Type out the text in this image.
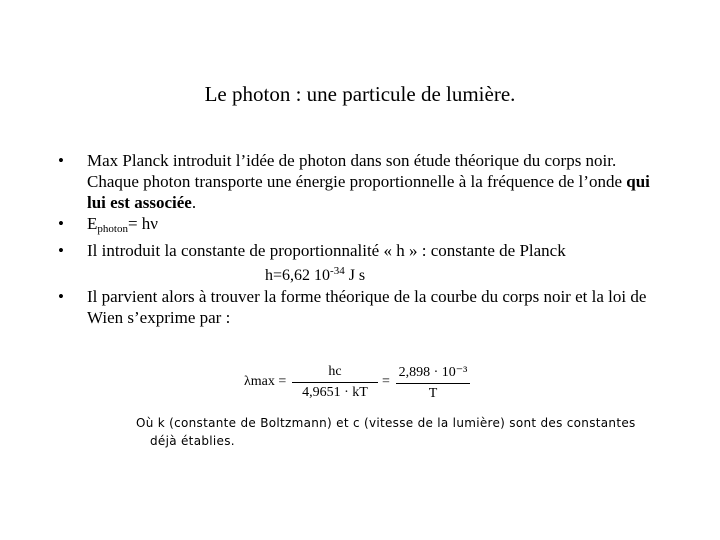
Le photon : une particule de lumière.
• Max Planck introduit l’idée de photon dans son étude théorique du corps noir. Chaque photon transporte une énergie proportionnelle à la fréquence de l’onde qui lui est associée.
• $E_{photon}= h\nu$
• Il introduit la constante de proportionnalité « h » : constante de Planck
h=6,62 $10^{-34}$ J s
• Il parvient alors à trouver la forme théorique de la courbe du corps noir et la loi de Wien s’exprime par :
λmax =
hc
4,9651 · kT
=
2,898 · 10⁻³
T
Où k (constante de Boltzmann) et c (vitesse de la lumière) sont des constantes
déjà établies.
